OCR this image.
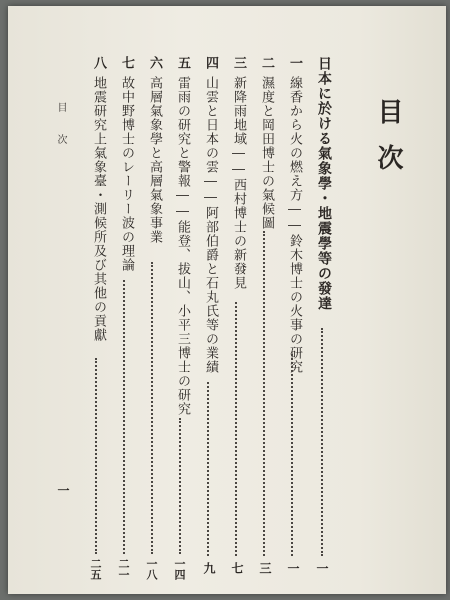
目次
日本に於ける氣象學・地震學等の發達
一
一線香から火の燃え方――鈴木博士の火事の研究
一
二濕度と岡田博士の氣候圖
三
三新降雨地域――西村博士の新發見
七
四山雲と日本の雲――阿部伯爵と石丸氏等の業績
九
五雷雨の研究と警報――能登、拔山、小平三博士の研究
一四
六高層氣象學と高層氣象事業
一八
七故中野博士のレーリー波の理論
二一
八地震研究上氣象臺・測候所及び其他の貢獻
二五
目次
一
